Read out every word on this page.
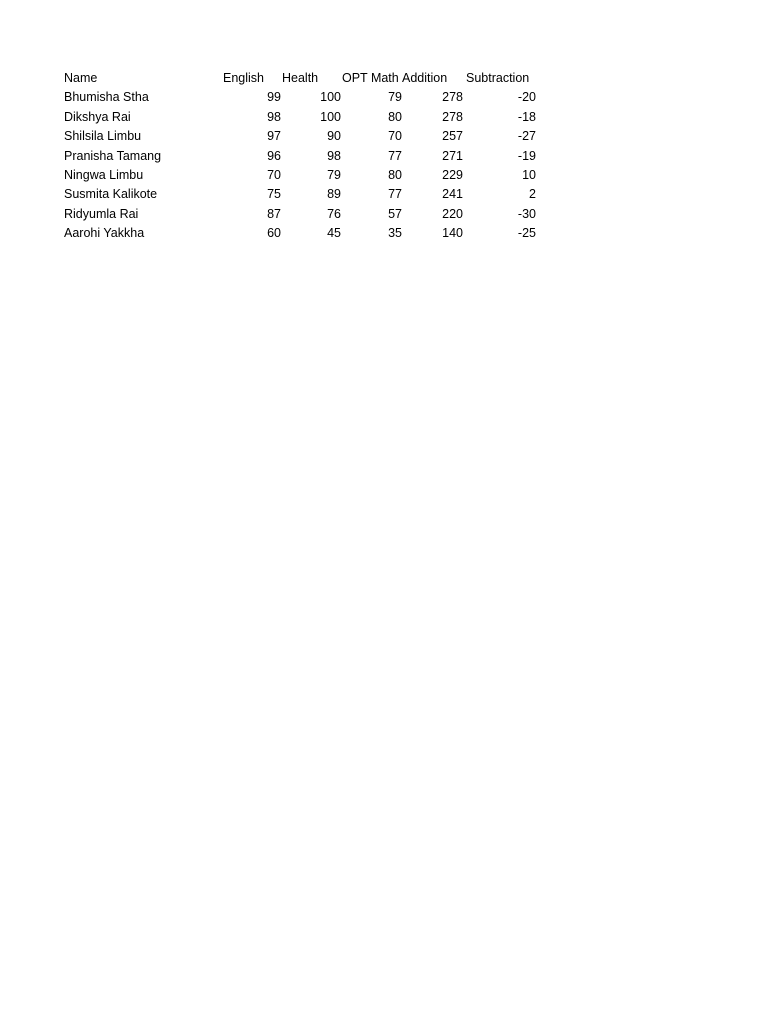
Name	English	Health	OPT Math	Addition	Subtraction
Bhumisha Stha	99	100	79	278	-20
Dikshya Rai	98	100	80	278	-18
Shilsila Limbu	97	90	70	257	-27
Pranisha Tamang	96	98	77	271	-19
Ningwa Limbu	70	79	80	229	10
Susmita Kalikote	75	89	77	241	2
Ridyumla Rai	87	76	57	220	-30
Aarohi Yakkha	60	45	35	140	-25
